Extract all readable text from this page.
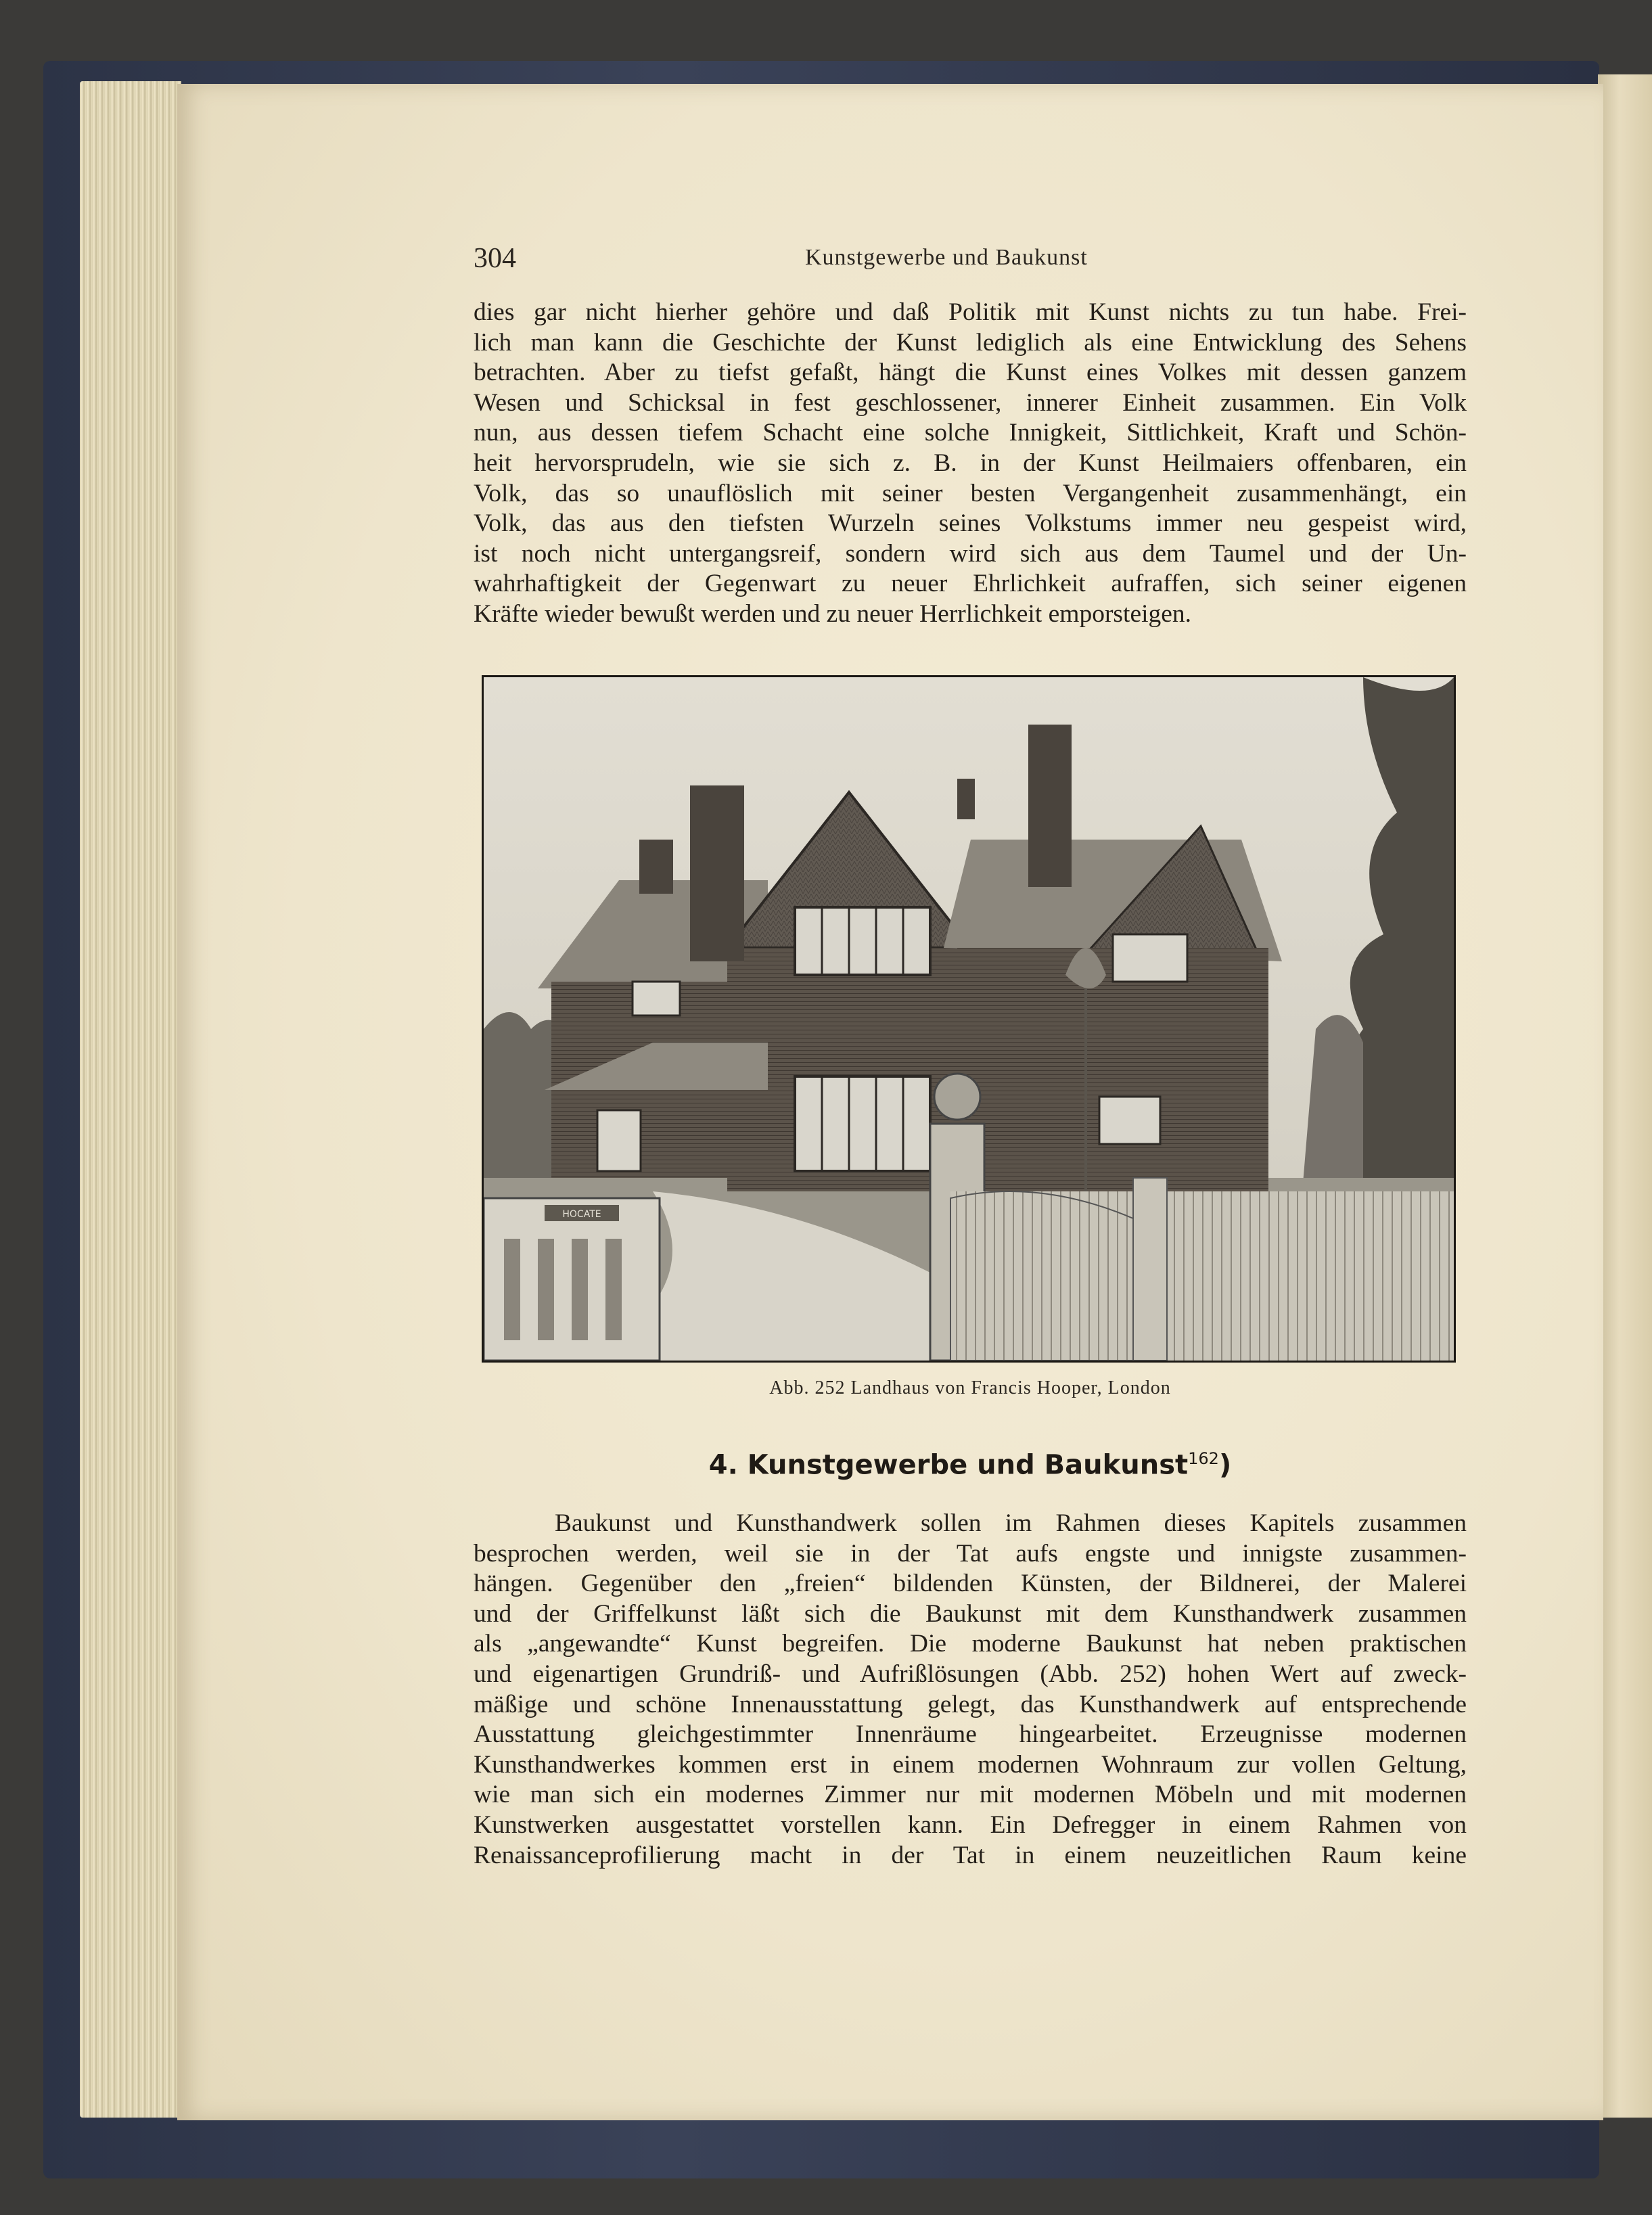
304	Kunstgewerbe und Baukunst
dies gar nicht hierher gehöre und daß Politik mit Kunst nichts zu tun habe. Frei-
lich man kann die Geschichte der Kunst lediglich als eine Entwicklung des Sehens
betrachten. Aber zu tiefst gefaßt, hängt die Kunst eines Volkes mit dessen ganzem
Wesen und Schicksal in fest geschlossener, innerer Einheit zusammen. Ein Volk
nun, aus dessen tiefem Schacht eine solche Innigkeit, Sittlichkeit, Kraft und Schön-
heit hervorsprudeln, wie sie sich z. B. in der Kunst Heilmaiers offenbaren, ein
Volk, das so unauflöslich mit seiner besten Vergangenheit zusammenhängt, ein
Volk, das aus den tiefsten Wurzeln seines Volkstums immer neu gespeist wird,
ist noch nicht untergangsreif, sondern wird sich aus dem Taumel und der Un-
wahrhaftigkeit der Gegenwart zu neuer Ehrlichkeit aufraffen, sich seiner eigenen
Kräfte wieder bewußt werden und zu neuer Herrlichkeit emporsteigen.
HOCATE
Abb. 252 Landhaus von Francis Hooper, London
4. Kunstgewerbe und Baukunst$^{162}$)
Baukunst und Kunsthandwerk sollen im Rahmen dieses Kapitels zusammen
besprochen werden, weil sie in der Tat aufs engste und innigste zusammen-
hängen. Gegenüber den „freien“ bildenden Künsten, der Bildnerei, der Malerei
und der Griffelkunst läßt sich die Baukunst mit dem Kunsthandwerk zusammen
als „angewandte“ Kunst begreifen. Die moderne Baukunst hat neben praktischen
und eigenartigen Grundriß- und Aufrißlösungen (Abb. 252) hohen Wert auf zweck-
mäßige und schöne Innenausstattung gelegt, das Kunsthandwerk auf entsprechende
Ausstattung gleichgestimmter Innenräume hingearbeitet. Erzeugnisse modernen
Kunsthandwerkes kommen erst in einem modernen Wohnraum zur vollen Geltung,
wie man sich ein modernes Zimmer nur mit modernen Möbeln und mit modernen
Kunstwerken ausgestattet vorstellen kann. Ein Defregger in einem Rahmen von
Renaissanceprofilierung macht in der Tat in einem neuzeitlichen Raum keine
